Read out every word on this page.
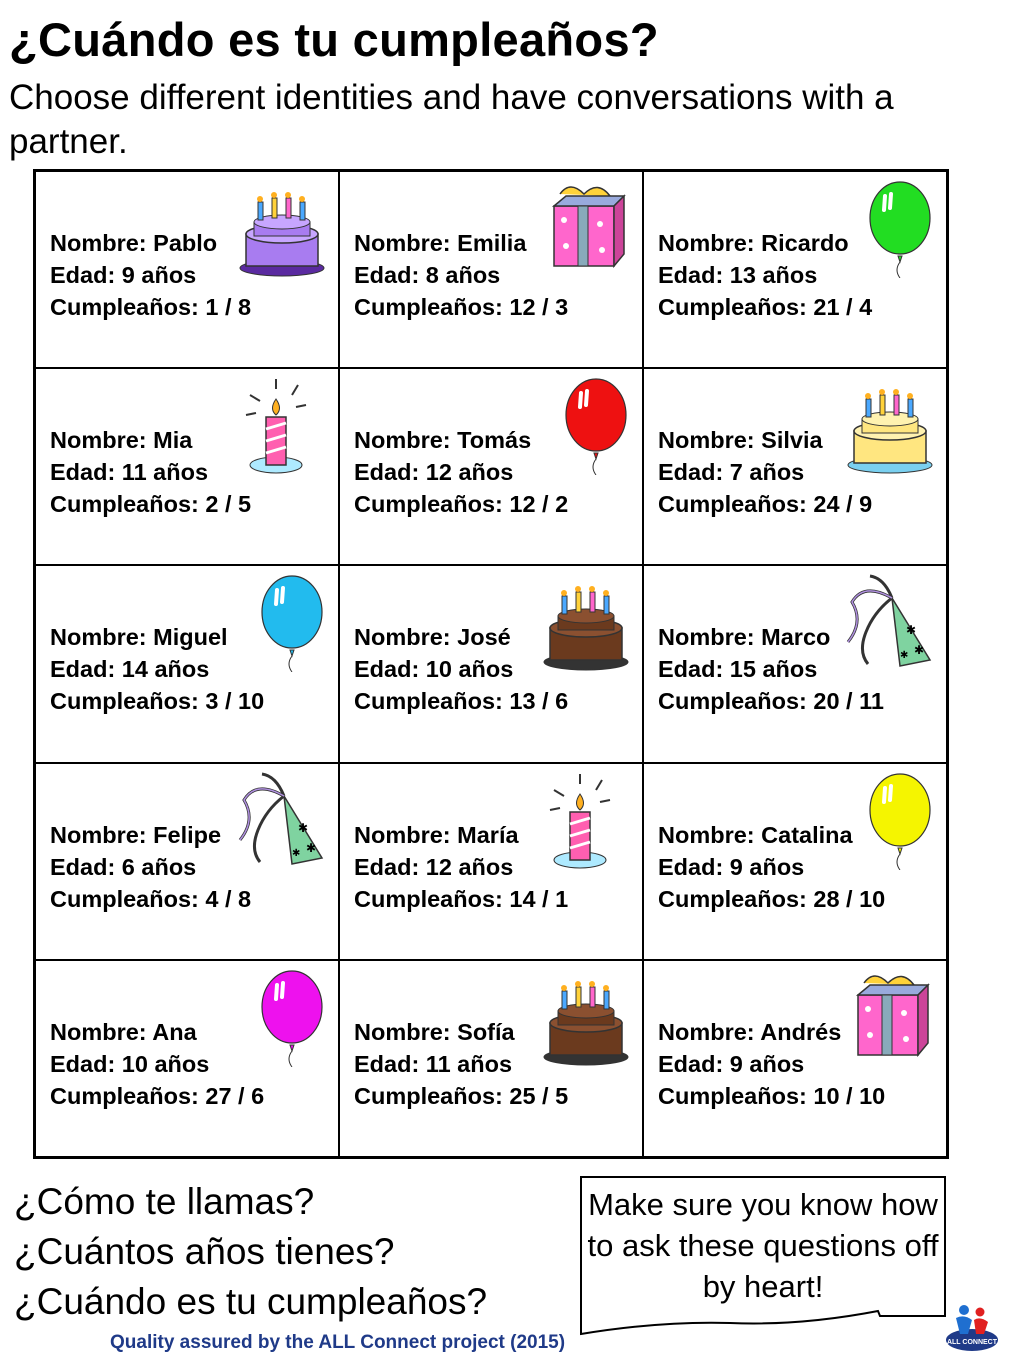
¿Cuándo es tu cumpleaños?

Choose different identities and have conversations with a partner.

Nombre: Pablo
Edad: 9 años
Cumpleaños: 1 / 8
Nombre: Emilia
Edad: 8 años
Cumpleaños: 12 / 3
Nombre: Ricardo
Edad: 13 años
Cumpleaños: 21 / 4
Nombre: Mia
Edad: 11 años
Cumpleaños: 2 / 5
Nombre: Tomás
Edad: 12 años
Cumpleaños: 12 / 2
Nombre: Silvia
Edad: 7 años
Cumpleaños: 24 / 9
Nombre: Miguel
Edad: 14 años
Cumpleaños: 3 / 10
Nombre: José
Edad: 10 años
Cumpleaños: 13 / 6
✱
✱
✱
Nombre: Marco
Edad: 15 años
Cumpleaños: 20 / 11
✱
✱
✱
Nombre: Felipe
Edad: 6 años
Cumpleaños: 4 / 8
Nombre: María
Edad: 12 años
Cumpleaños: 14 / 1
Nombre: Catalina
Edad: 9 años
Cumpleaños: 28 / 10
Nombre: Ana
Edad: 10 años
Cumpleaños: 27 / 6
Nombre: Sofía
Edad: 11 años
Cumpleaños: 25 / 5
Nombre: Andrés
Edad: 9 años
Cumpleaños: 10 / 10
¿Cómo te llamas?
¿Cuántos años tienes?
¿Cuándo es tu cumpleaños?
Make sure you know how to ask these questions off by heart!
Quality assured by the ALL Connect project (2015)	ALL CONNECT
